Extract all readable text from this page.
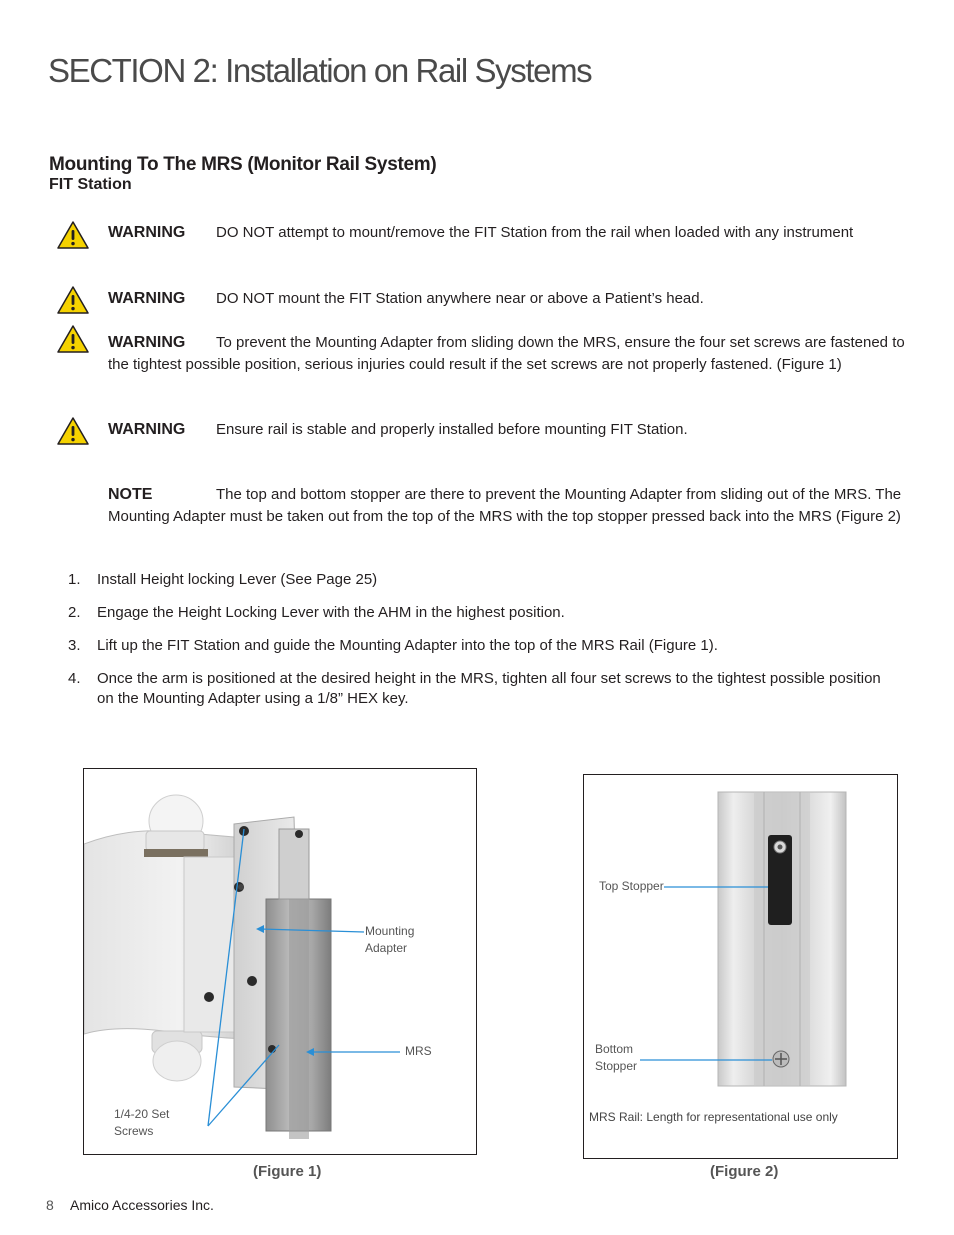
SECTION 2: Installation on Rail Systems
Mounting To The MRS (Monitor Rail System)
FIT Station
WARNING DO NOT attempt to mount/remove the FIT Station from the rail when loaded with any instrument
WARNING DO NOT mount the FIT Station anywhere near or above a Patient’s head.
WARNING To prevent the Mounting Adapter from sliding down the MRS, ensure the four set screws are fastened to the tightest possible position, serious injuries could result if the set screws are not properly fastened. (Figure 1)
WARNING Ensure rail is stable and properly installed before mounting FIT Station.
NOTE	The top and bottom stopper are there to prevent the Mounting Adapter from sliding out of the MRS. The Mounting Adapter must be taken out from the top of the MRS with the top stopper pressed back into the MRS (Figure 2)
1. Install Height locking Lever (See Page 25)
2. Engage the Height Locking Lever with the AHM in the highest position.
3. Lift up the FIT Station and guide the Mounting Adapter into the top of the MRS Rail (Figure 1).
4. Once the arm is positioned at the desired height in the MRS, tighten all four set screws to the tightest possible position on the Mounting Adapter using a 1/8” HEX key.
Mounting
Adapter
MRS
1/4-20 Set
Screws
(Figure 1)
Top Stopper
Bottom
Stopper
MRS Rail: Length for representational use only
(Figure 2)
8 Amico Accessories Inc.
